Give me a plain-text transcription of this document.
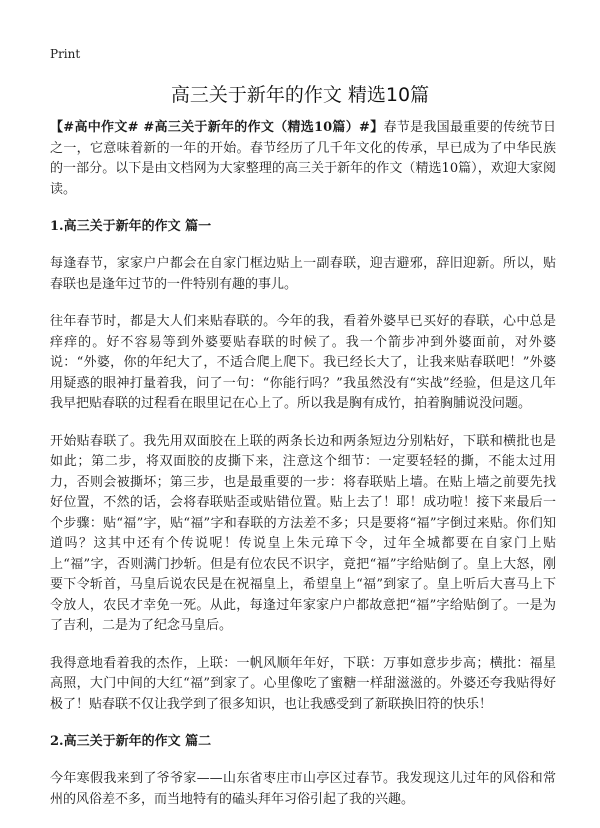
Print
高三关于新年的作文 精选10篇

【#高中作文# #高三关于新年的作文（精选10篇）#】春节是我国最重要的传统节日之一，它意味着新的一年的开始。春节经历了几千年文化的传承，早已成为了中华民族的一部分。以下是由文档网为大家整理的高三关于新年的作文（精选10篇），欢迎大家阅读。

1.高三关于新年的作文 篇一

每逢春节，家家户户都会在自家门框边贴上一副春联，迎吉避邪，辞旧迎新。所以，贴春联也是逢年过节的一件特别有趣的事儿。

往年春节时，都是大人们来贴春联的。今年的我，看着外婆早已买好的春联，心中总是痒痒的。好不容易等到外婆要贴春联的时候了。我一个箭步冲到外婆面前，对外婆说：“外婆，你的年纪大了，不适合爬上爬下。我已经长大了，让我来贴春联吧！”外婆用疑惑的眼神打量着我，问了一句：“你能行吗？”我虽然没有“实战”经验，但是这几年我早把贴春联的过程看在眼里记在心上了。所以我是胸有成竹，拍着胸脯说没问题。

开始贴春联了。我先用双面胶在上联的两条长边和两条短边分别粘好，下联和横批也是如此；第二步，将双面胶的皮撕下来，注意这个细节：一定要轻轻的撕，不能太过用力，否则会被撕坏；第三步，也是最重要的一步：将春联贴上墙。在贴上墙之前要先找好位置，不然的话，会将春联贴歪或贴错位置。贴上去了！耶！成功啦！接下来最后一个步骤：贴“福”字，贴“福”字和春联的方法差不多；只是要将“福”字倒过来贴。你们知道吗？这其中还有个传说呢！传说皇上朱元璋下令，过年全城都要在自家门上贴上“福”字，否则满门抄斩。但是有位农民不识字，竟把“福”字给贴倒了。皇上大怒，刚要下令斩首，马皇后说农民是在祝福皇上，希望皇上“福”到家了。皇上听后大喜马上下令放人，农民才幸免一死。从此，每逢过年家家户户都故意把“福”字给贴倒了。一是为了吉利，二是为了纪念马皇后。

我得意地看着我的杰作，上联：一帆风顺年年好，下联：万事如意步步高；横批：福星高照，大门中间的大红“福”到家了。心里像吃了蜜糖一样甜滋滋的。外婆还夸我贴得好极了！贴春联不仅让我学到了很多知识，也让我感受到了新联换旧符的快乐！

2.高三关于新年的作文 篇二

今年寒假我来到了爷爷家——山东省枣庄市山亭区过春节。我发现这儿过年的风俗和常州的风俗差不多，而当地特有的磕头拜年习俗引起了我的兴趣。
